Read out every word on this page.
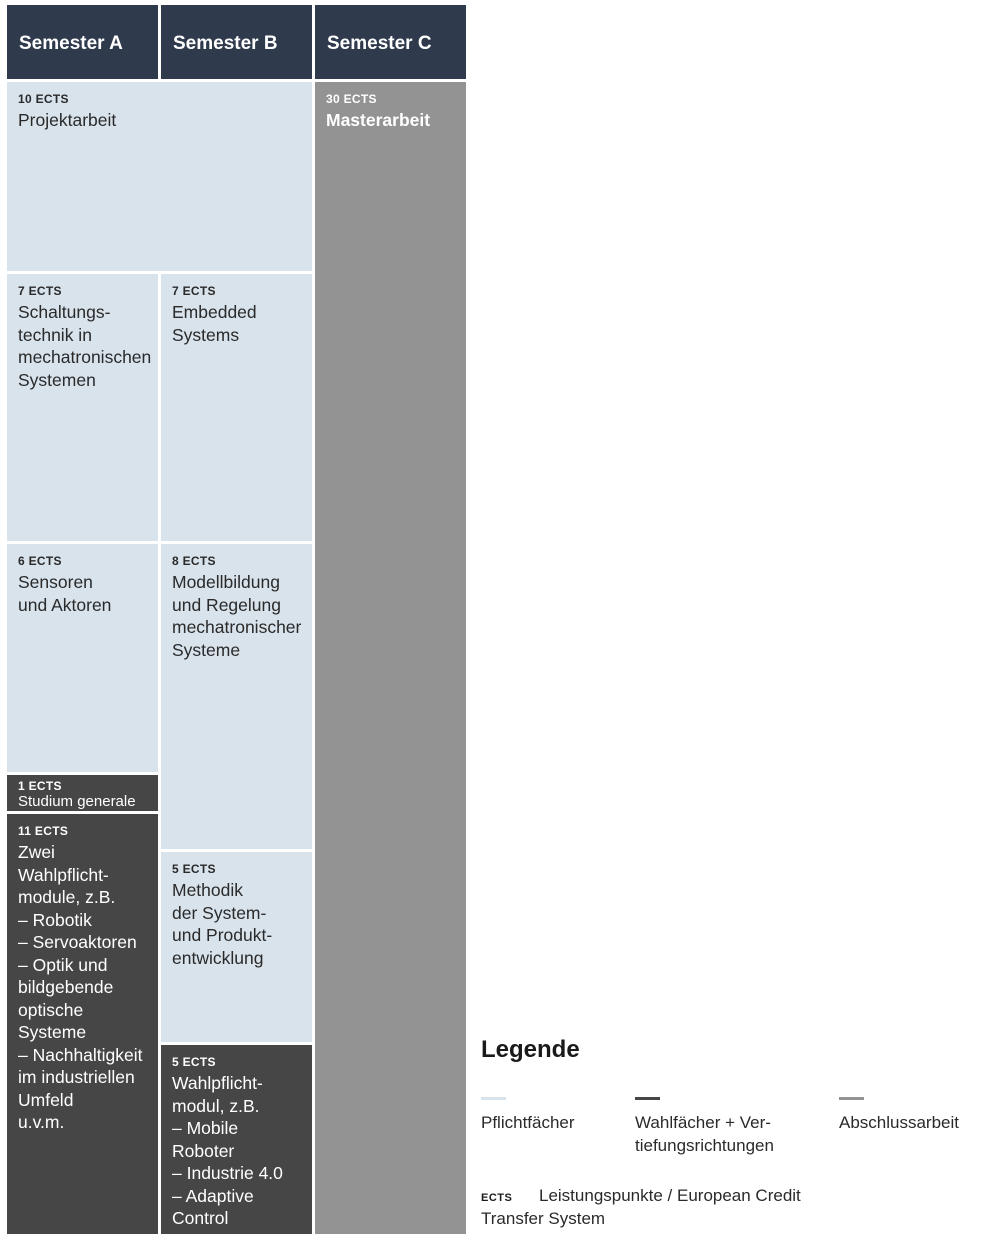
Semester A	Semester B	Semester C
10 ECTS
Projektarbeit
7 ECTS
Schaltungs-
technik in
mechatronischen
Systemen
7 ECTS
Embedded
Systems
6 ECTS
Sensoren
und Aktoren
8 ECTS
Modellbildung
und Regelung
mechatronischer
Systeme
1 ECTS
Studium generale
11 ECTS
Zwei Wahlpflicht-
module, z.B.
– Robotik
– Servoaktoren
– Optik und
bildgebende
optische
Systeme
– Nachhaltigkeit
im industriellen
Umfeld
u.v.m.
5 ECTS
Methodik
der System-
und Produkt-
entwicklung
5 ECTS
Wahlpflicht-
modul, z.B.
– Mobile Roboter
– Industrie 4.0
– Adaptive
Control
30 ECTS
Masterarbeit
Legende
Pflichtfächer	Wahlfächer + Ver-
tiefungsrichtungen
Abschlussarbeit
ECTS	Leistungspunkte / European Credit Transfer System
